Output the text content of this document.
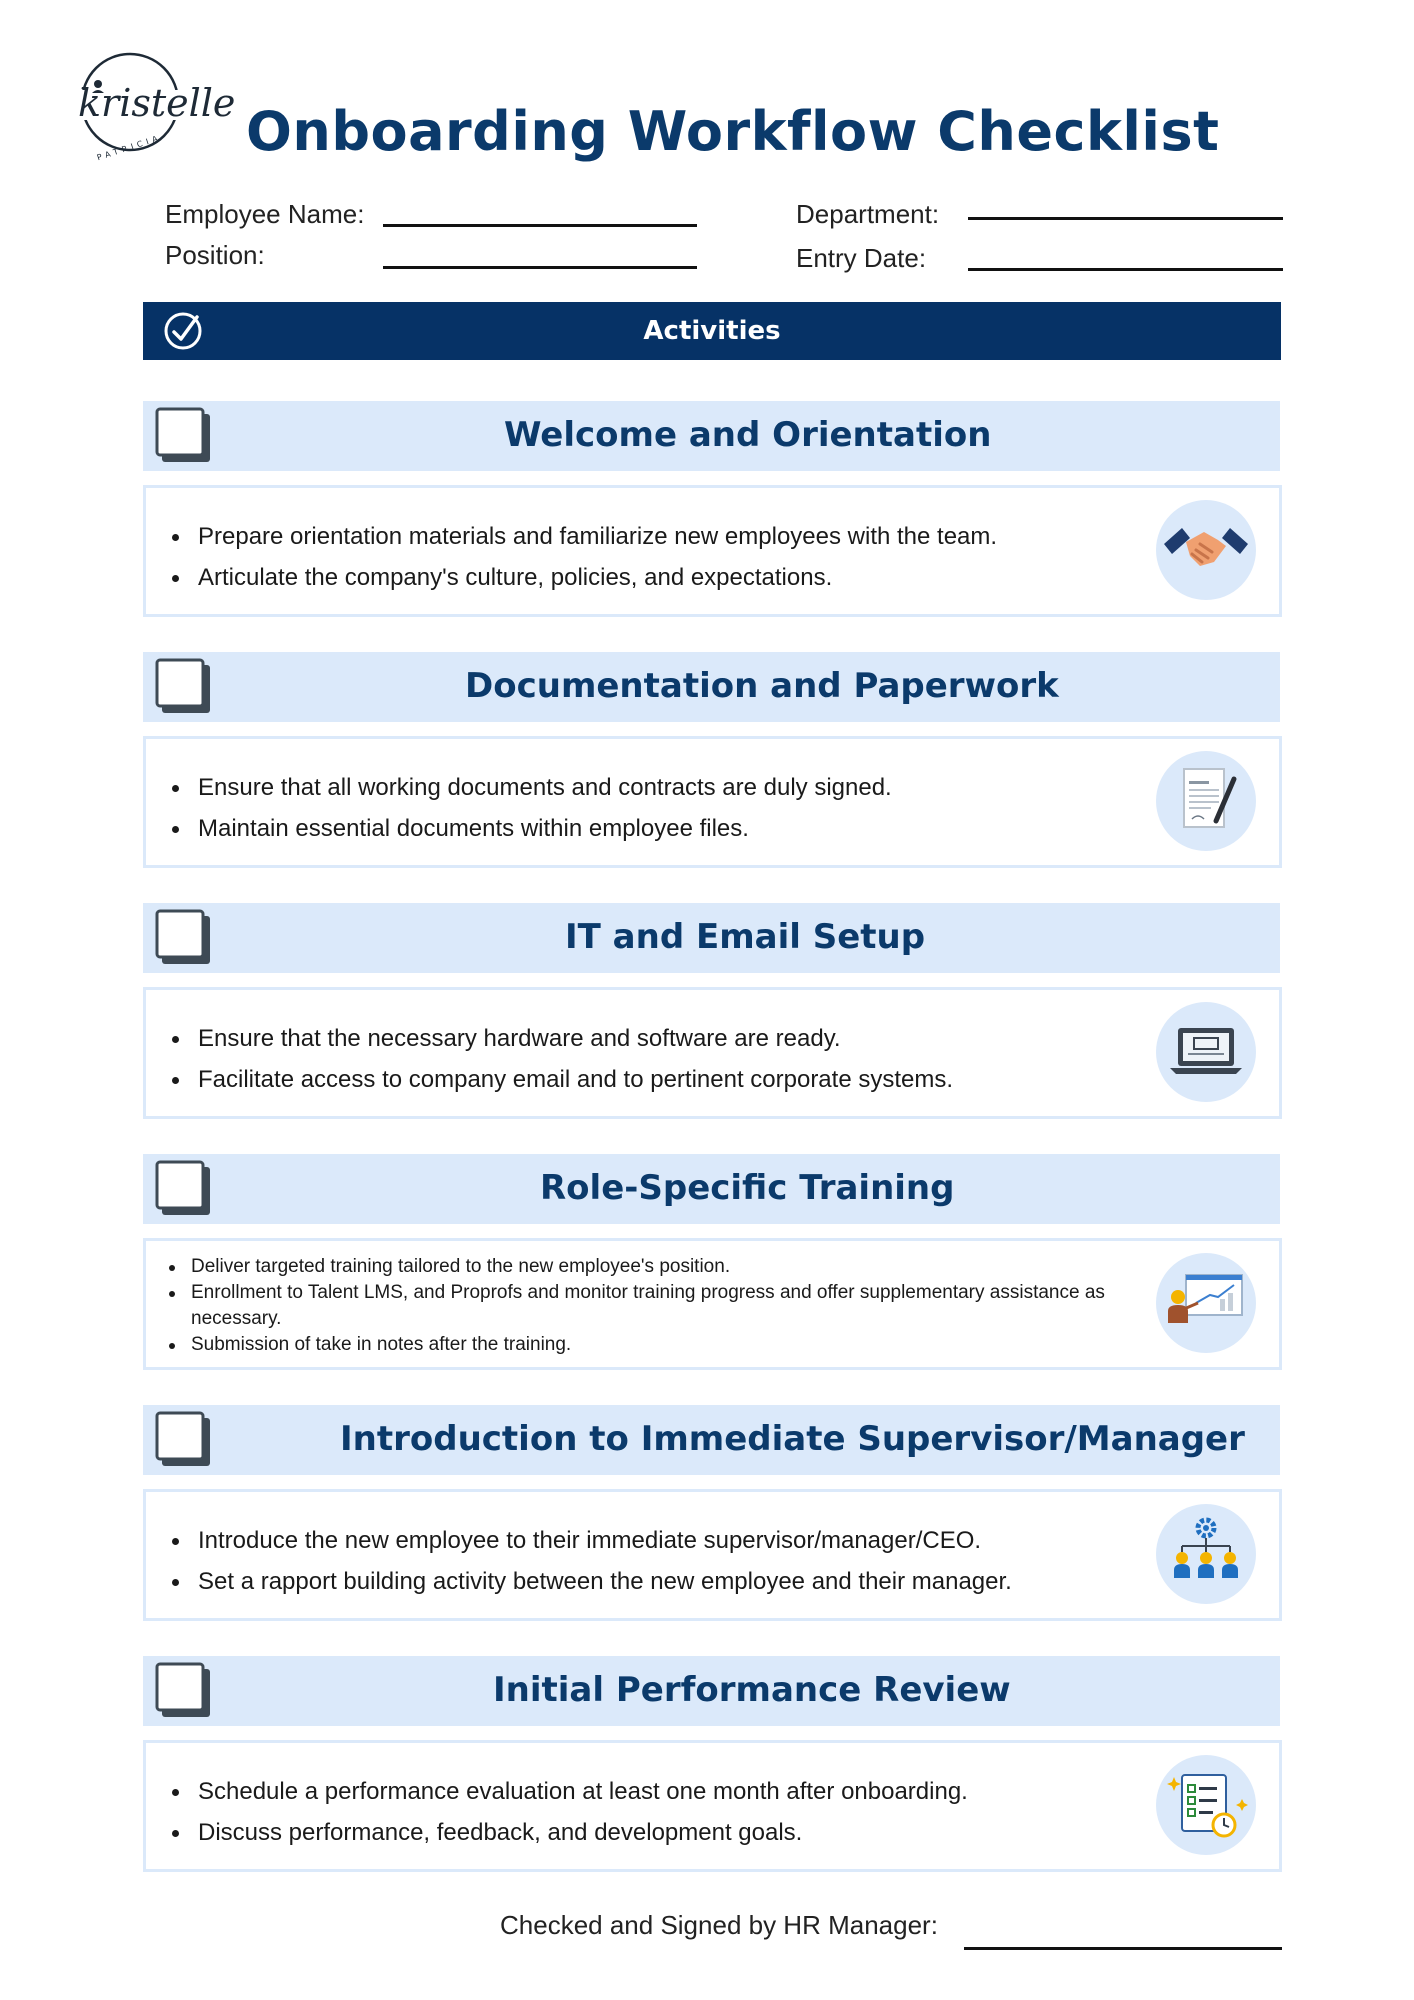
kristelle
PATRICIA Onboarding Workflow Checklist
Employee Name:
Position:
Department:
Entry Date:
Activities
Welcome and Orientation
Prepare orientation materials and familiarize new employees with the team.
Articulate the company's culture, policies, and expectations.
Documentation and Paperwork
Ensure that all working documents and contracts are duly signed.
Maintain essential documents within employee files.
IT and Email Setup
Ensure that the necessary hardware and software are ready.
Facilitate access to company email and to pertinent corporate systems.
Role-Specific Training
Deliver targeted training tailored to the new employee's position.
Enrollment to Talent LMS, and Proprofs and monitor training progress and offer supplementary assistance as necessary.
Submission of take in notes after the training.
Introduction to Immediate Supervisor/Manager
Introduce the new employee to their immediate supervisor/manager/CEO.
Set a rapport building activity between the new employee and their manager.
Initial Performance Review
Schedule a performance evaluation at least one month after onboarding.
Discuss performance, feedback, and development goals.
Checked and Signed by HR Manager:
